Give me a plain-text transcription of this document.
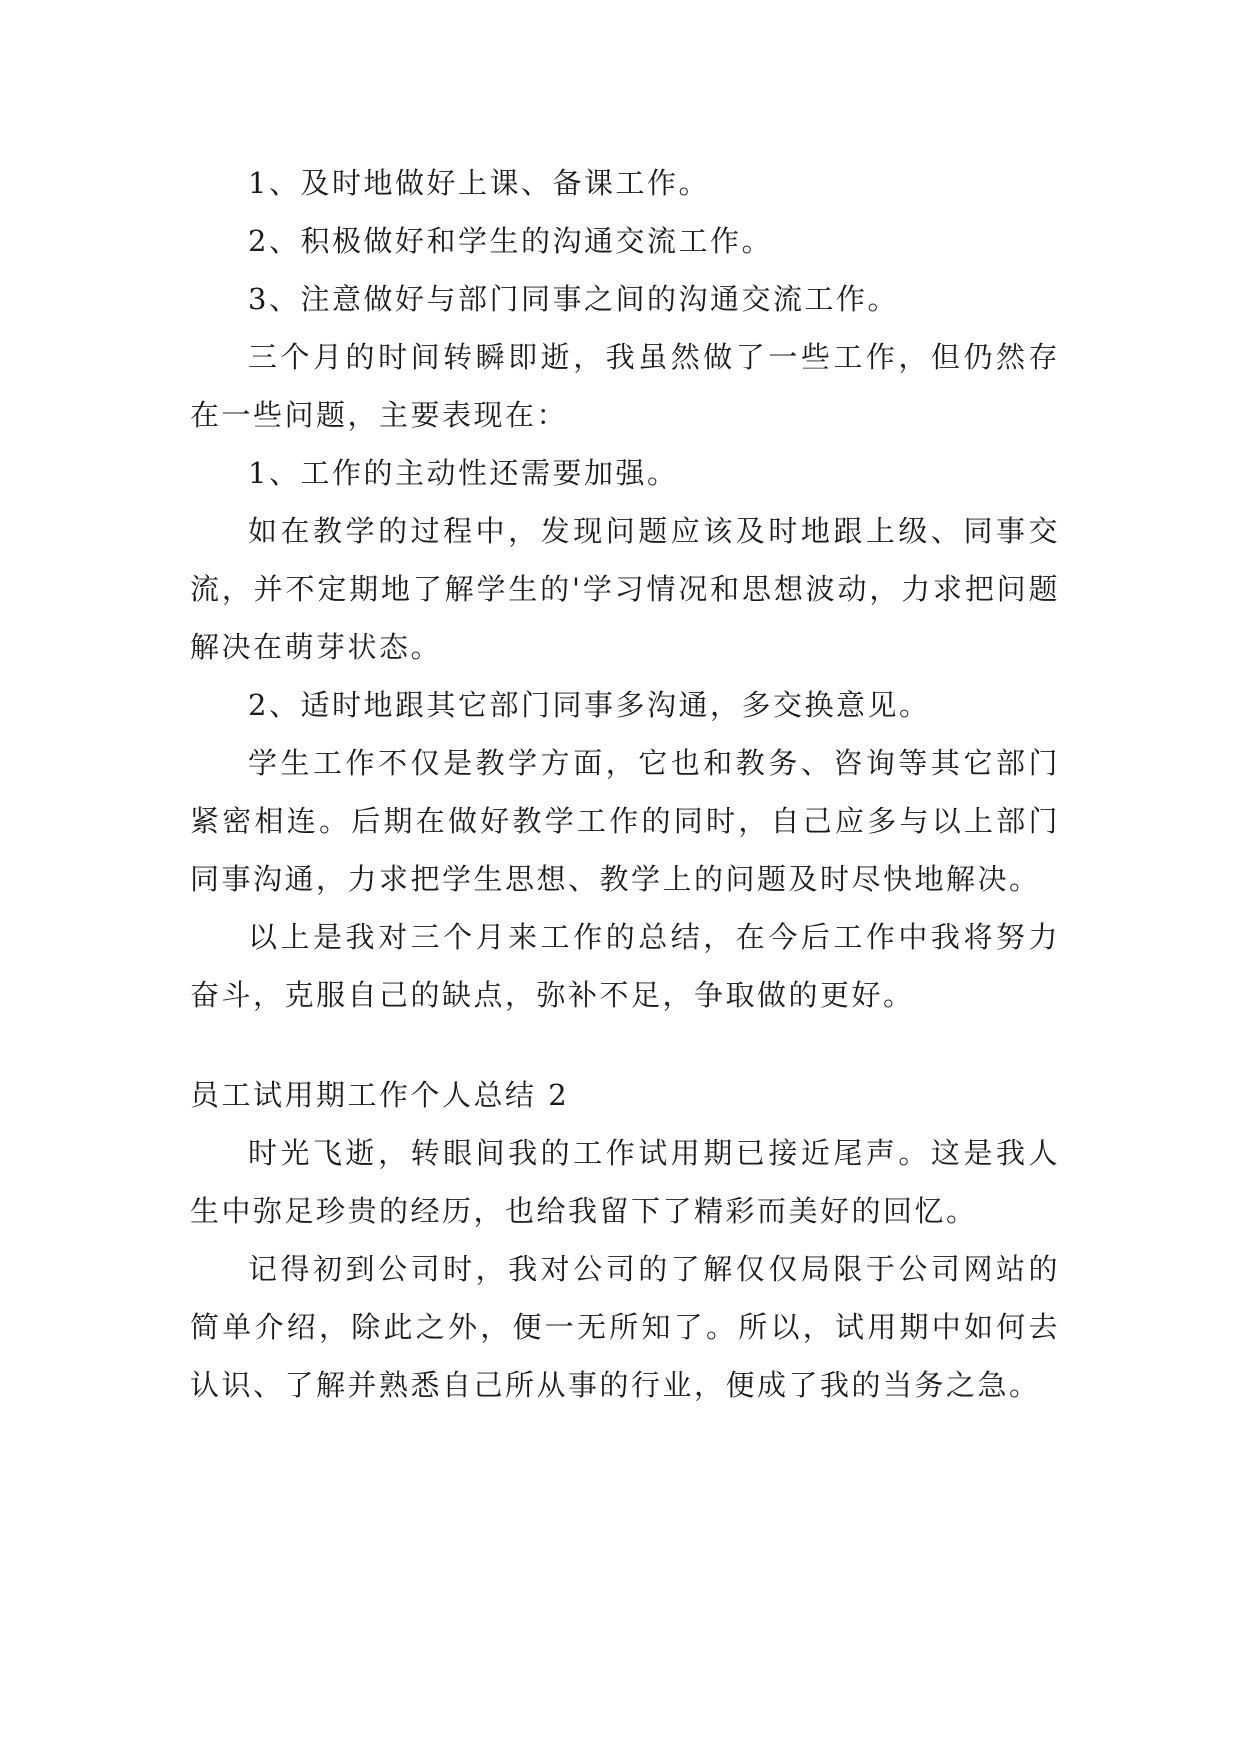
1、及时地做好上课、备课工作。

2、积极做好和学生的沟通交流工作。

3、注意做好与部门同事之间的沟通交流工作。

三个月的时间转瞬即逝，我虽然做了一些工作，但仍然存在一些问题，主要表现在：

1、工作的主动性还需要加强。

如在教学的过程中，发现问题应该及时地跟上级、同事交流，并不定期地了解学生的'学习情况和思想波动，力求把问题解决在萌芽状态。

2、适时地跟其它部门同事多沟通，多交换意见。

学生工作不仅是教学方面，它也和教务、咨询等其它部门紧密相连。后期在做好教学工作的同时，自己应多与以上部门同事沟通，力求把学生思想、教学上的问题及时尽快地解决。

以上是我对三个月来工作的总结，在今后工作中我将努力奋斗，克服自己的缺点，弥补不足，争取做的更好。

员工试用期工作个人总结 2

时光飞逝，转眼间我的工作试用期已接近尾声。这是我人生中弥足珍贵的经历，也给我留下了精彩而美好的回忆。

记得初到公司时，我对公司的了解仅仅局限于公司网站的简单介绍，除此之外，便一无所知了。所以，试用期中如何去认识、了解并熟悉自己所从事的行业，便成了我的当务之急。
